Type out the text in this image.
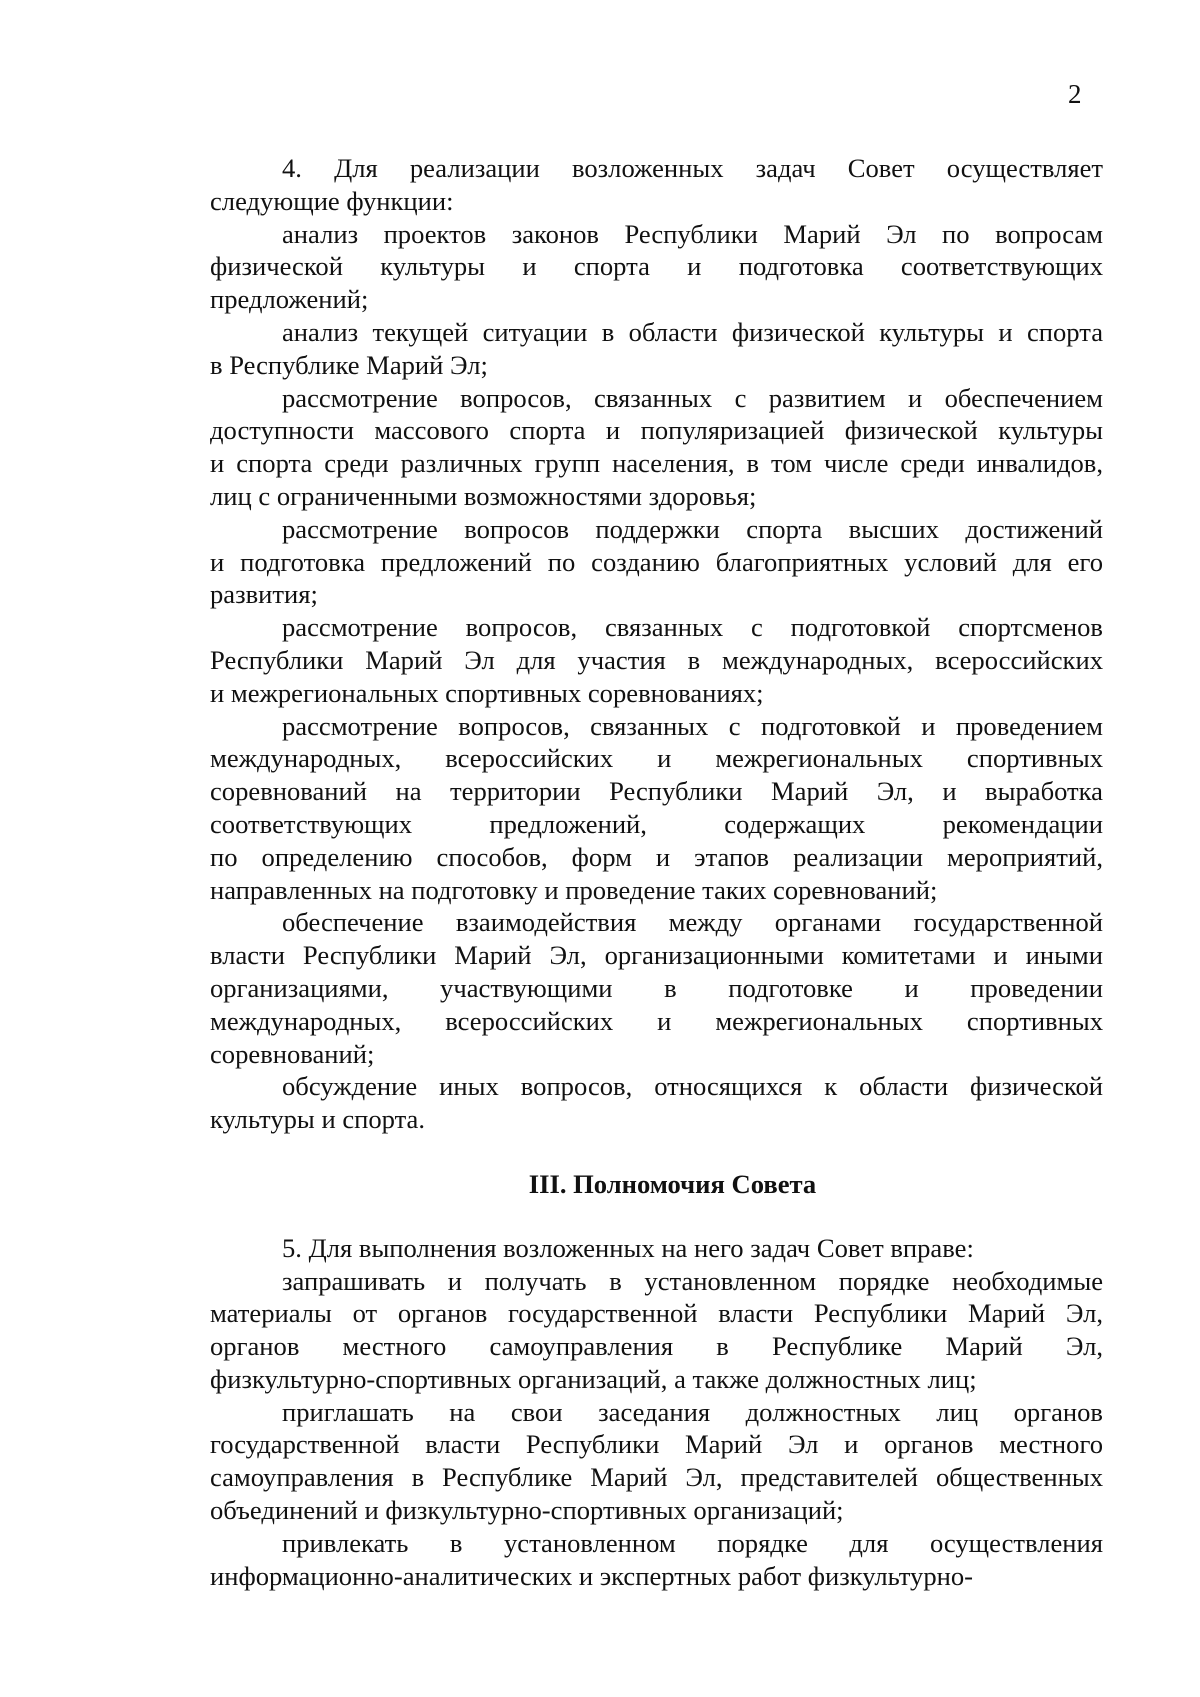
2
4. Для реализации возложенных задач Совет осуществляет
следующие функции:
анализ проектов законов Республики Марий Эл по вопросам
физической культуры и спорта и подготовка соответствующих
предложений;
анализ текущей ситуации в области физической культуры и спорта
в Республике Марий Эл;
рассмотрение вопросов, связанных с развитием и обеспечением
доступности массового спорта и популяризацией физической культуры
и спорта среди различных групп населения, в том числе среди инвалидов,
лиц с ограниченными возможностями здоровья;
рассмотрение вопросов поддержки спорта высших достижений
и подготовка предложений по созданию благоприятных условий для его
развития;
рассмотрение вопросов, связанных с подготовкой спортсменов
Республики Марий Эл для участия в международных, всероссийских
и межрегиональных спортивных соревнованиях;
рассмотрение вопросов, связанных с подготовкой и проведением
международных, всероссийских и межрегиональных спортивных
соревнований на территории Республики Марий Эл, и выработка
соответствующих предложений, содержащих рекомендации
по определению способов, форм и этапов реализации мероприятий,
направленных на подготовку и проведение таких соревнований;
обеспечение взаимодействия между органами государственной
власти Республики Марий Эл, организационными комитетами и иными
организациями, участвующими в подготовке и проведении
международных, всероссийских и межрегиональных спортивных
соревнований;
обсуждение иных вопросов, относящихся к области физической
культуры и спорта.
III. Полномочия Совета
5. Для выполнения возложенных на него задач Совет вправе:
запрашивать и получать в установленном порядке необходимые
материалы от органов государственной власти Республики Марий Эл,
органов местного самоуправления в Республике Марий Эл,
физкультурно-спортивных организаций, а также должностных лиц;
приглашать на свои заседания должностных лиц органов
государственной власти Республики Марий Эл и органов местного
самоуправления в Республике Марий Эл, представителей общественных
объединений и физкультурно-спортивных организаций;
привлекать в установленном порядке для осуществления
информационно-аналитических и экспертных работ физкультурно-
